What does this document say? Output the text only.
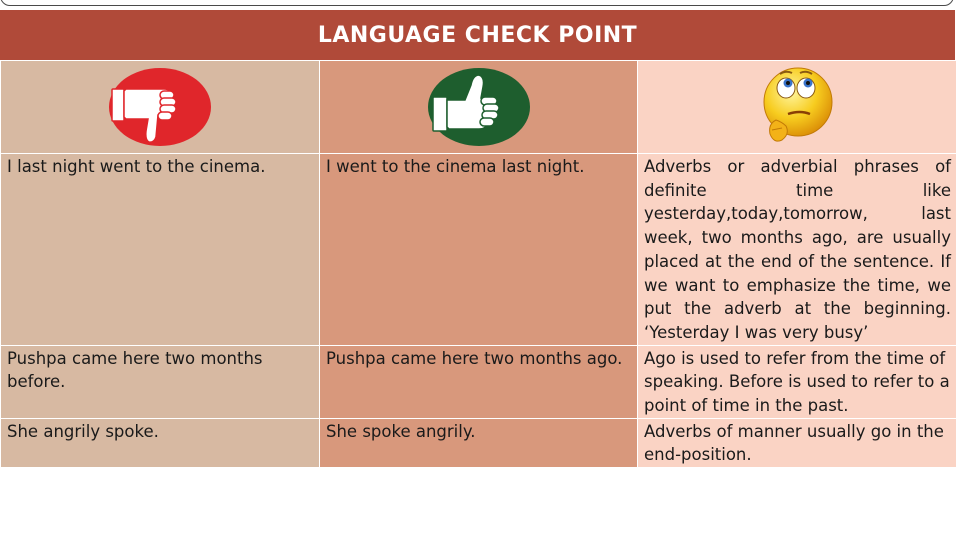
LANGUAGE CHECK POINT

I last night went to the cinema.	I went to the cinema last night.	Adverbs or adverbial phrases of definite time like yesterday,today,tomorrow, last week, two months ago, are usually placed at the end of the sentence. If we want to emphasize the time, we put the adverb at the beginning. ‘Yesterday I was very busy’
Pushpa came here two months before.	Pushpa came here two months ago.	Ago is used to refer from the time of speaking. Before is used to refer to a point of time in the past.
She angrily spoke.	She spoke angrily.	Adverbs of manner usually go in the end-position.
